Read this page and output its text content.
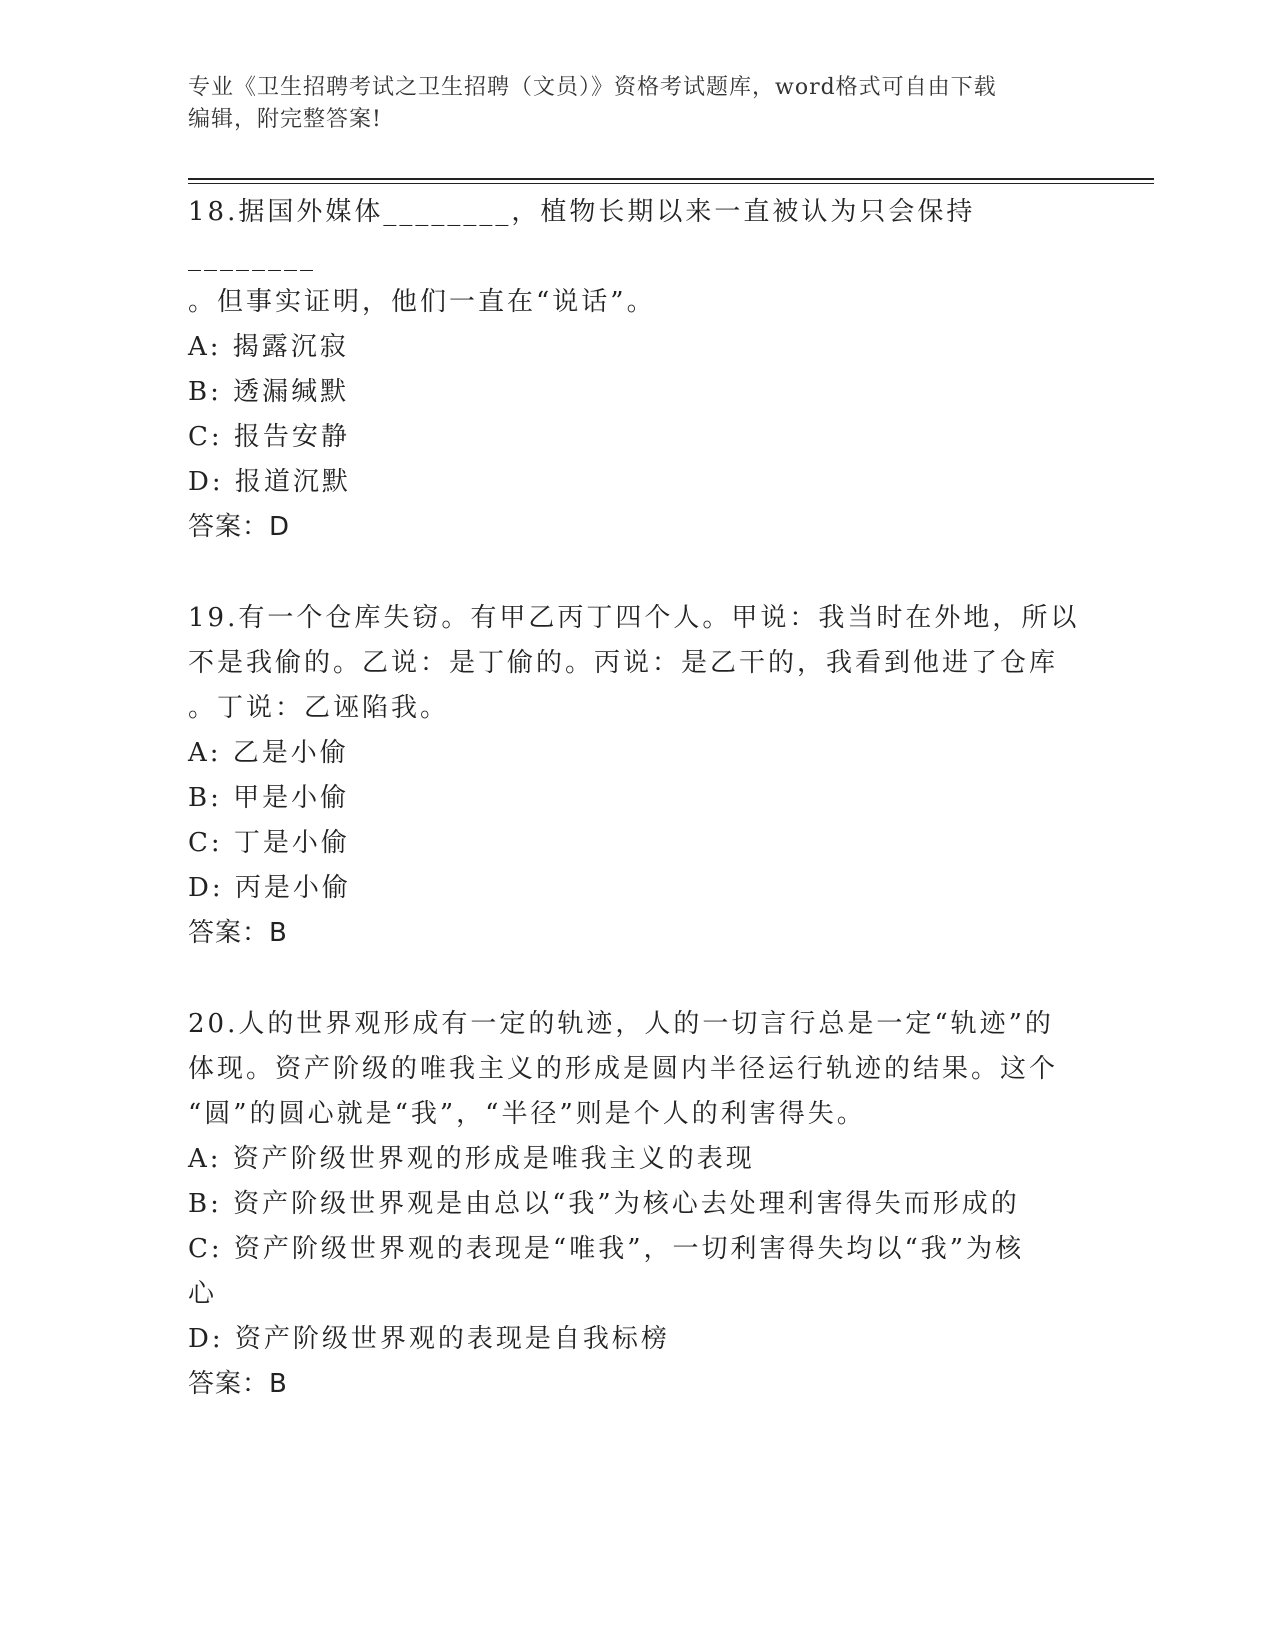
专业《卫生招聘考试之卫生招聘（文员）》资格考试题库，word格式可自由下载
编辑，附完整答案!
18.据国外媒体________，植物长期以来一直被认为只会保持________
。但事实证明，他们一直在“说话”。
A: 揭露沉寂
B: 透漏缄默
C: 报告安静
D: 报道沉默
答案：D
19.有一个仓库失窃。有甲乙丙丁四个人。甲说：我当时在外地，所以
不是我偷的。乙说：是丁偷的。丙说：是乙干的，我看到他进了仓库
。丁说：乙诬陷我。
A: 乙是小偷
B: 甲是小偷
C: 丁是小偷
D: 丙是小偷
答案：B
20.人的世界观形成有一定的轨迹，人的一切言行总是一定“轨迹”的
体现。资产阶级的唯我主义的形成是圆内半径运行轨迹的结果。这个
“圆”的圆心就是“我”，“半径”则是个人的利害得失。
A: 资产阶级世界观的形成是唯我主义的表现
B: 资产阶级世界观是由总以“我”为核心去处理利害得失而形成的
C: 资产阶级世界观的表现是“唯我”，一切利害得失均以“我”为核
心
D: 资产阶级世界观的表现是自我标榜
答案：B
